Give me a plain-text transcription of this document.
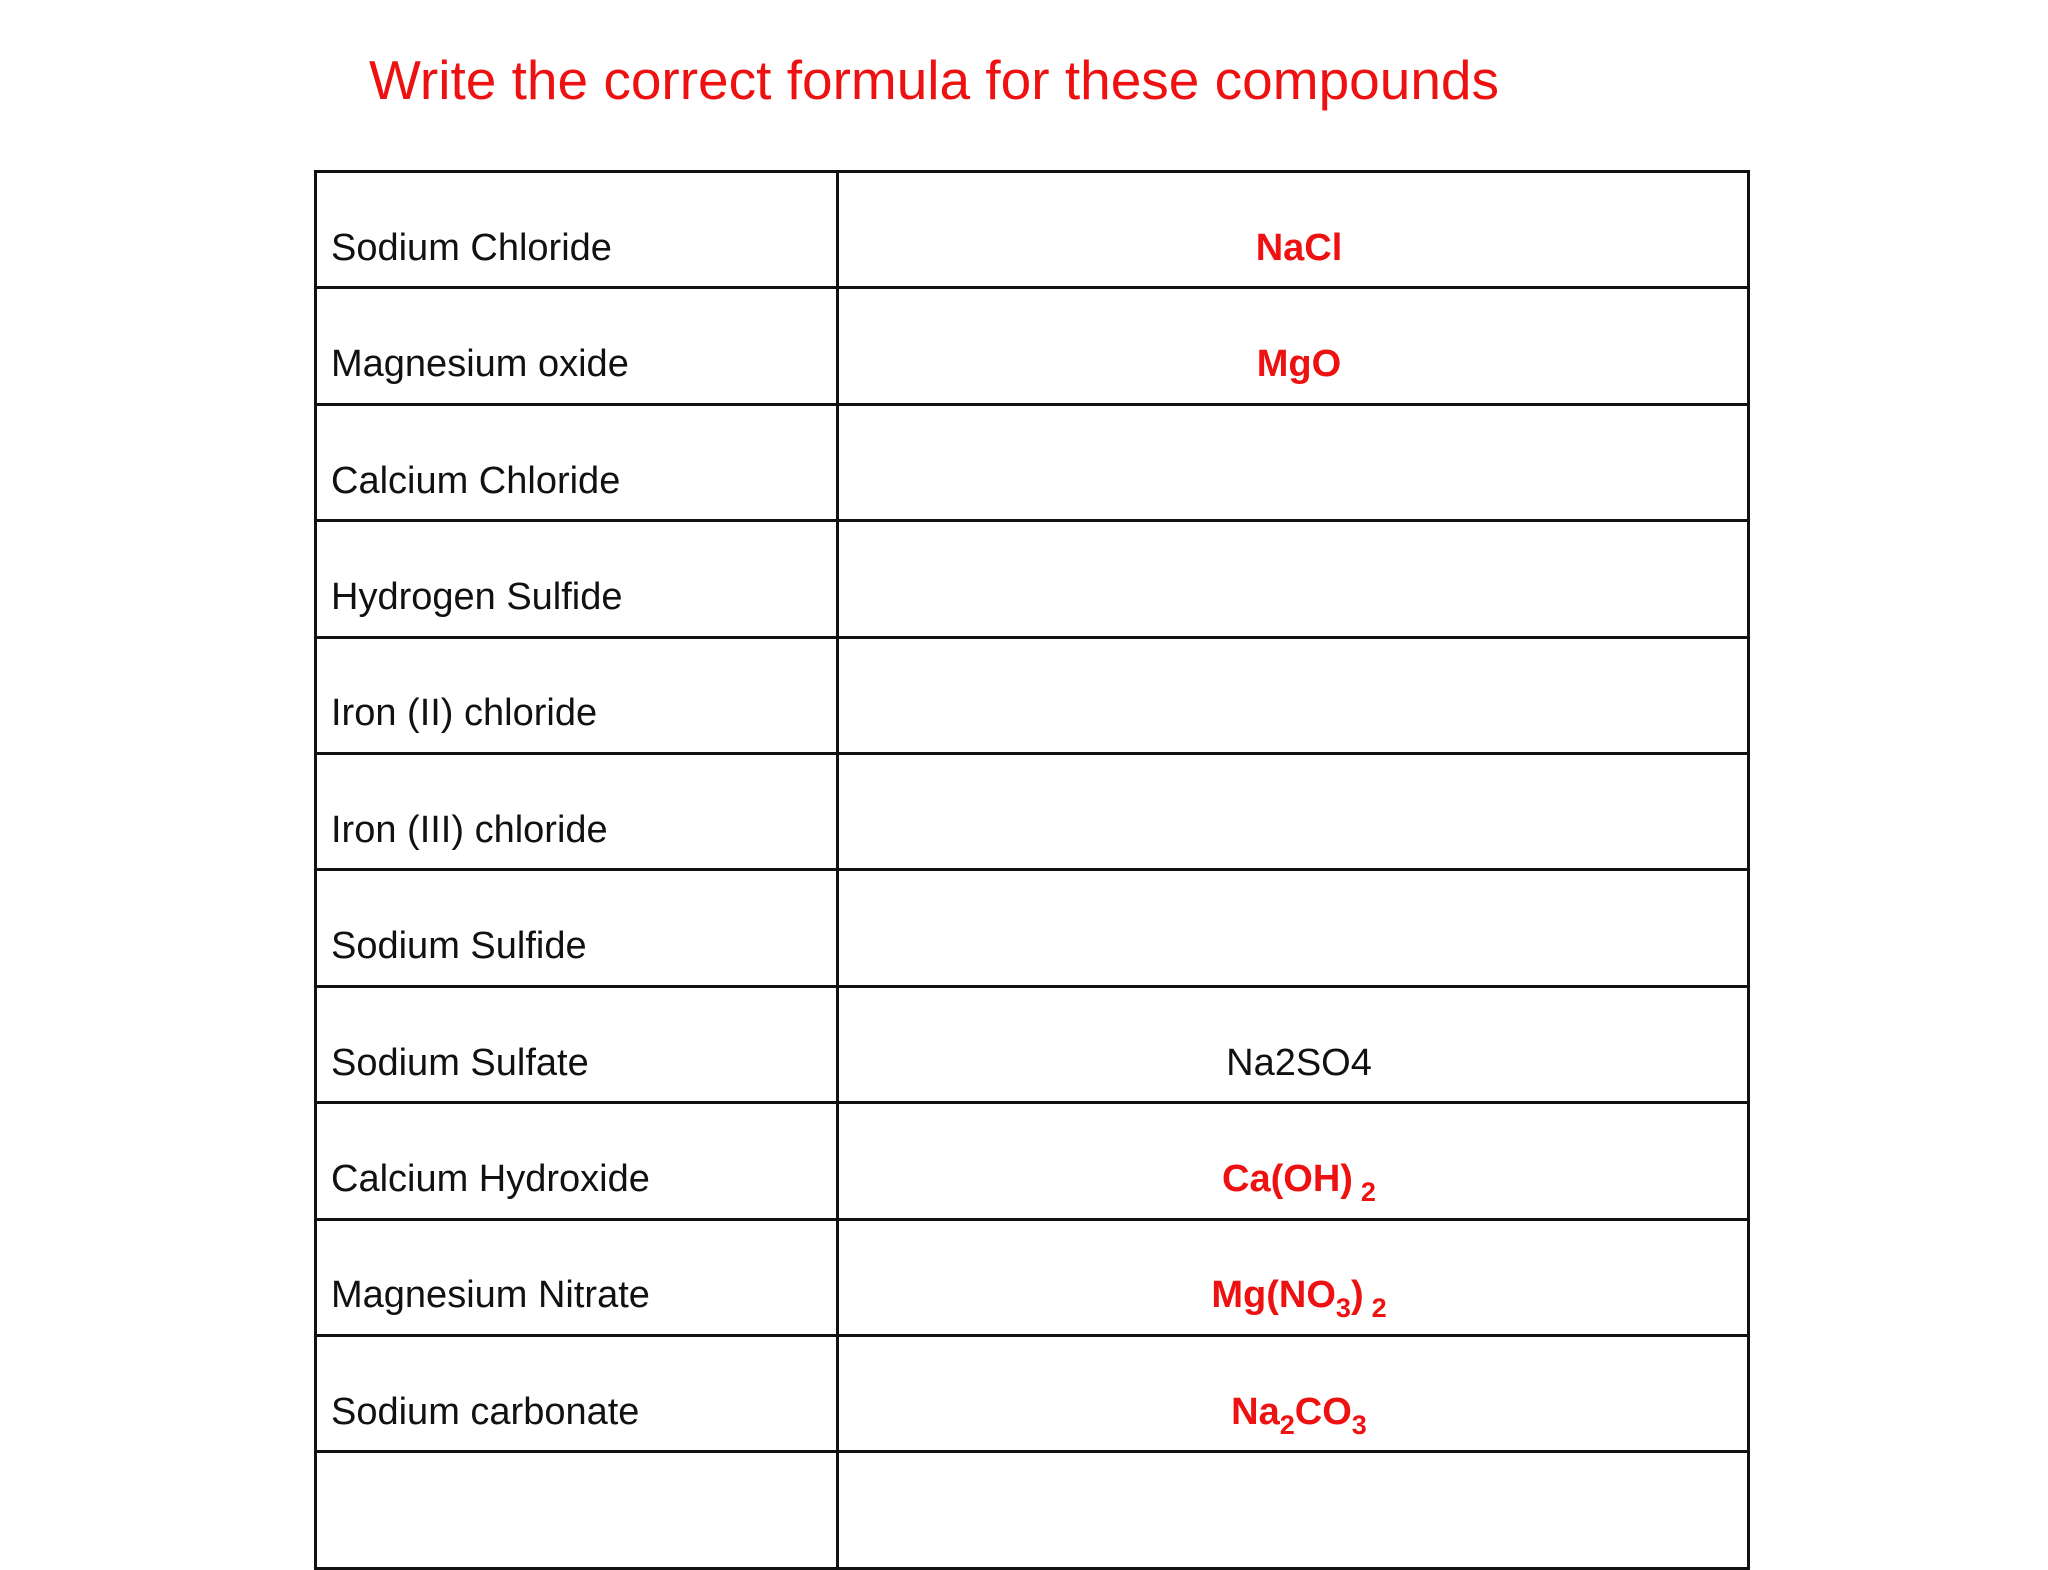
Write the correct formula for these compounds
Sodium Chloride	NaCl
Magnesium oxide	MgO
Calcium Chloride	
Hydrogen Sulfide	
Iron (II) chloride	
Iron (III) chloride	
Sodium Sulfide	
Sodium Sulfate	Na2SO4
Calcium Hydroxide	Ca(OH) $_2$
Magnesium Nitrate	$Mg(NO_3)$ $_2$
Sodium carbonate	$Na_2CO_3$
